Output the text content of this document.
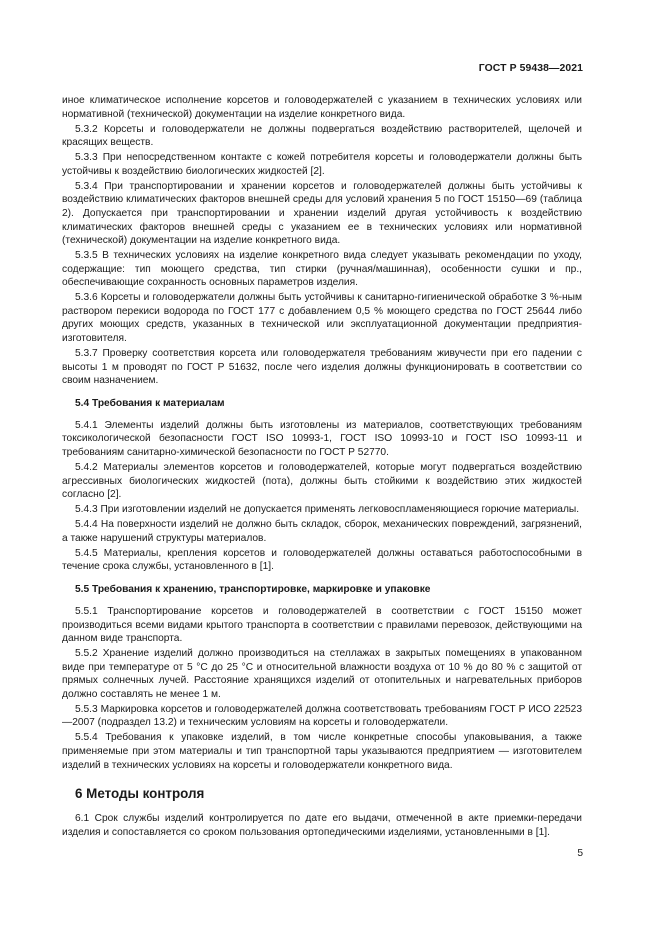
ГОСТ Р 59438—2021

иное климатическое исполнение корсетов и головодержателей с указанием в технических условиях или нормативной (технической) документации на изделие конкретного вида.

5.3.2 Корсеты и головодержатели не должны подвергаться воздействию растворителей, щелочей и красящих веществ.

5.3.3 При непосредственном контакте с кожей потребителя корсеты и головодержатели должны быть устойчивы к воздействию биологических жидкостей [2].

5.3.4 При транспортировании и хранении корсетов и головодержателей должны быть устойчивы к воздействию климатических факторов внешней среды для условий хранения 5 по ГОСТ 15150—69 (таблица 2). Допускается при транспортировании и хранении изделий другая устойчивость к воздействию климатических факторов внешней среды с указанием ее в технических условиях или нормативной (технической) документации на изделие конкретного вида.

5.3.5 В технических условиях на изделие конкретного вида следует указывать рекомендации по уходу, содержащие: тип моющего средства, тип стирки (ручная/машинная), особенности сушки и пр., обеспечивающие сохранность основных параметров изделия.

5.3.6 Корсеты и головодержатели должны быть устойчивы к санитарно-гигиенической обработке 3 %-ным раствором перекиси водорода по ГОСТ 177 с добавлением 0,5 % моющего средства по ГОСТ 25644 либо других моющих средств, указанных в технической или эксплуатационной документации предприятия-изготовителя.

5.3.7 Проверку соответствия корсета или головодержателя требованиям живучести при его падении с высоты 1 м проводят по ГОСТ Р 51632, после чего изделия должны функционировать в соответствии со своим назначением.

5.4 Требования к материалам

5.4.1 Элементы изделий должны быть изготовлены из материалов, соответствующих требованиям токсикологической безопасности ГОСТ ISO 10993-1, ГОСТ ISO 10993-10 и ГОСТ ISO 10993-11 и требованиям санитарно-химической безопасности по ГОСТ Р 52770.

5.4.2 Материалы элементов корсетов и головодержателей, которые могут подвергаться воздействию агрессивных биологических жидкостей (пота), должны быть стойкими к воздействию этих жидкостей согласно [2].

5.4.3 При изготовлении изделий не допускается применять легковоспламеняющиеся горючие материалы.

5.4.4 На поверхности изделий не должно быть складок, сборок, механических повреждений, загрязнений, а также нарушений структуры материалов.

5.4.5 Материалы, крепления корсетов и головодержателей должны оставаться работоспособными в течение срока службы, установленного в [1].

5.5 Требования к хранению, транспортировке, маркировке и упаковке

5.5.1 Транспортирование корсетов и головодержателей в соответствии с ГОСТ 15150 может производиться всеми видами крытого транспорта в соответствии с правилами перевозок, действующими на данном виде транспорта.

5.5.2 Хранение изделий должно производиться на стеллажах в закрытых помещениях в упакованном виде при температуре от 5 °С до 25 °С и относительной влажности воздуха от 10 % до 80 % с защитой от прямых солнечных лучей. Расстояние хранящихся изделий от отопительных и нагревательных приборов должно составлять не менее 1 м.

5.5.3 Маркировка корсетов и головодержателей должна соответствовать требованиям ГОСТ Р ИСО 22523—2007 (подраздел 13.2) и техническим условиям на корсеты и головодержатели.

5.5.4 Требования к упаковке изделий, в том числе конкретные способы упаковывания, а также применяемые при этом материалы и тип транспортной тары указываются предприятием — изготовителем изделий в технических условиях на корсеты и головодержатели конкретного вида.

6 Методы контроля

6.1 Срок службы изделий контролируется по дате его выдачи, отмеченной в акте приемки-передачи изделия и сопоставляется со сроком пользования ортопедическими изделиями, установленными в [1].

5
